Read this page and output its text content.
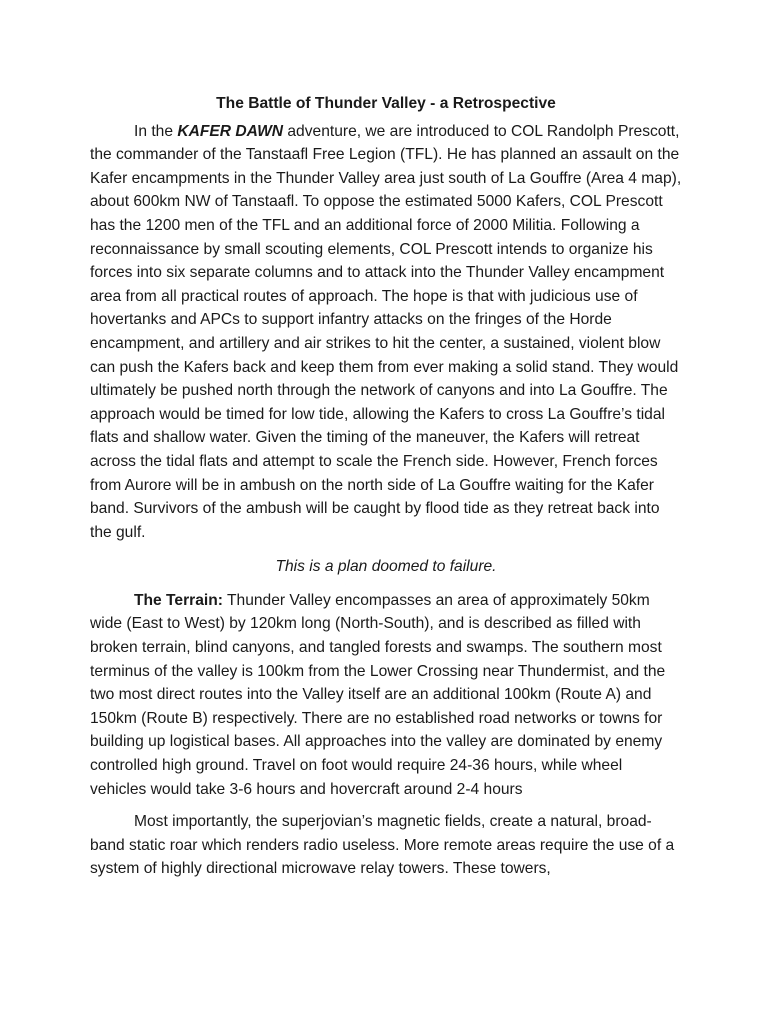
The Battle of Thunder Valley - a Retrospective

In the KAFER DAWN adventure, we are introduced to COL Randolph Prescott, the commander of the Tanstaafl Free Legion (TFL). He has planned an assault on the Kafer encampments in the Thunder Valley area just south of La Gouffre (Area 4 map), about 600km NW of Tanstaafl. To oppose the estimated 5000 Kafers, COL Prescott has the 1200 men of the TFL and an additional force of 2000 Militia. Following a reconnaissance by small scouting elements, COL Prescott intends to organize his forces into six separate columns and to attack into the Thunder Valley encampment area from all practical routes of approach. The hope is that with judicious use of hovertanks and APCs to support infantry attacks on the fringes of the Horde encampment, and artillery and air strikes to hit the center, a sustained, violent blow can push the Kafers back and keep them from ever making a solid stand. They would ultimately be pushed north through the network of canyons and into La Gouffre. The approach would be timed for low tide, allowing the Kafers to cross La Gouffre’s tidal flats and shallow water. Given the timing of the maneuver, the Kafers will retreat across the tidal flats and attempt to scale the French side. However, French forces from Aurore will be in ambush on the north side of La Gouffre waiting for the Kafer band. Survivors of the ambush will be caught by flood tide as they retreat back into the gulf.

This is a plan doomed to failure.

The Terrain: Thunder Valley encompasses an area of approximately 50km wide (East to West) by 120km long (North-South), and is described as filled with broken terrain, blind canyons, and tangled forests and swamps. The southern most terminus of the valley is 100km from the Lower Crossing near Thundermist, and the two most direct routes into the Valley itself are an additional 100km (Route A) and 150km (Route B) respectively. There are no established road networks or towns for building up logistical bases. All approaches into the valley are dominated by enemy controlled high ground. Travel on foot would require 24-36 hours, while wheel vehicles would take 3-6 hours and hovercraft around 2-4 hours

Most importantly, the superjovian’s magnetic fields, create a natural, broad-band static roar which renders radio useless. More remote areas require the use of a system of highly directional microwave relay towers. These towers,
